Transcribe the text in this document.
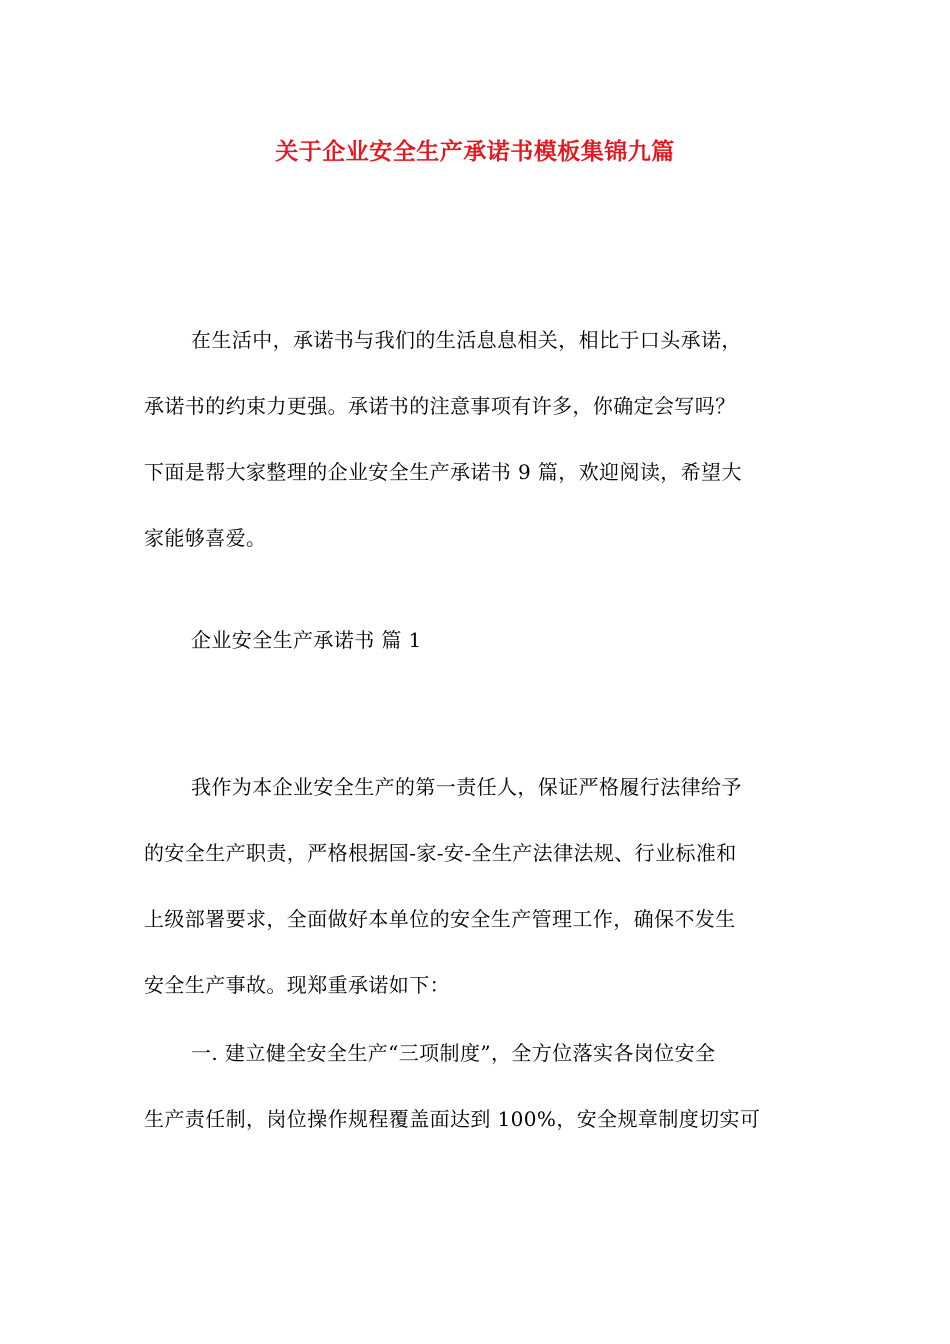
关于企业安全生产承诺书模板集锦九篇
在生活中，承诺书与我们的生活息息相关，相比于口头承诺，
承诺书的约束力更强。承诺书的注意事项有许多，你确定会写吗？
下面是帮大家整理的企业安全生产承诺书 9 篇，欢迎阅读，希望大
家能够喜爱。
企业安全生产承诺书 篇 1
我作为本企业安全生产的第一责任人，保证严格履行法律给予
的安全生产职责，严格根据国-家-安-全生产法律法规、行业标准和
上级部署要求，全面做好本单位的安全生产管理工作，确保不发生
安全生产事故。现郑重承诺如下：
一. 建立健全安全生产“三项制度”，全方位落实各岗位安全
生产责任制，岗位操作规程覆盖面达到 100%，安全规章制度切实可
